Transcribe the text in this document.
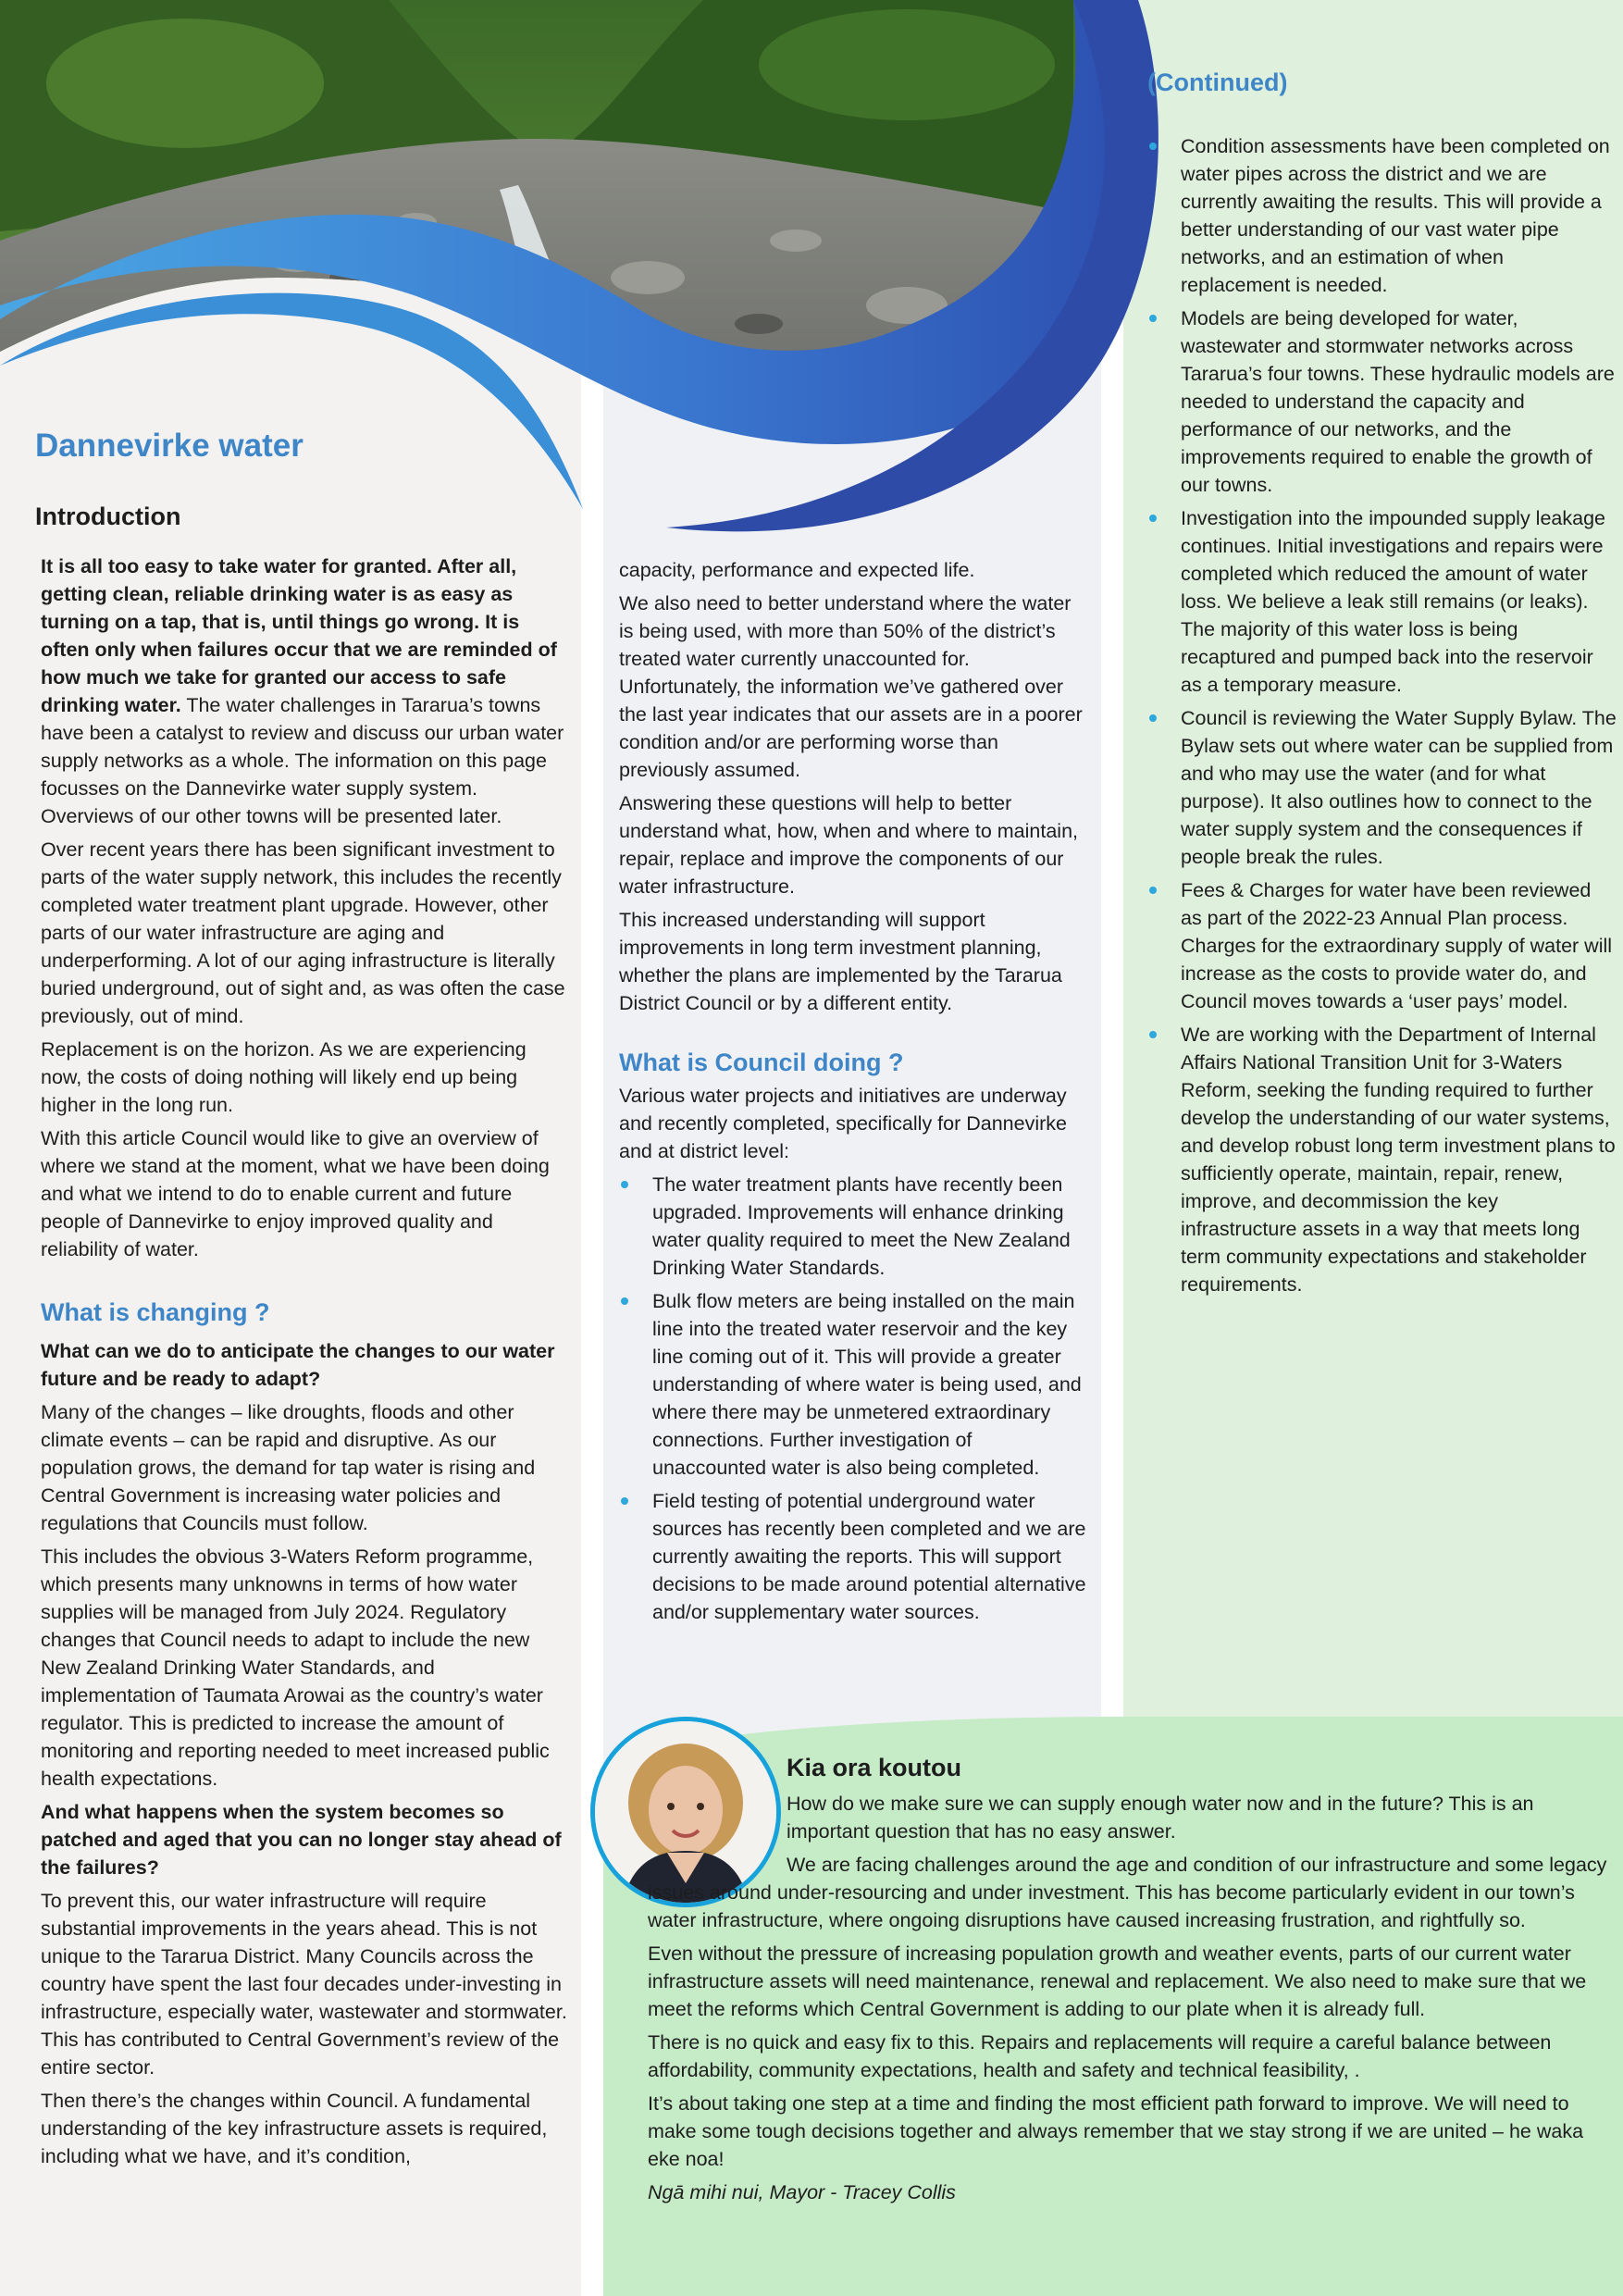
Dannevirke water
Introduction

It is all too easy to take water for granted. After all, getting clean, reliable drinking water is as easy as turning on a tap, that is, until things go wrong. It is often only when failures occur that we are reminded of how much we take for granted our access to safe drinking water. The water challenges in Tararua’s towns have been a catalyst to review and discuss our urban water supply networks as a whole. The information on this page focusses on the Dannevirke water supply system. Overviews of our other towns will be presented later.

Over recent years there has been significant investment to parts of the water supply network, this includes the recently completed water treatment plant upgrade. However, other parts of our water infrastructure are aging and underperforming. A lot of our aging infrastructure is literally buried underground, out of sight and, as was often the case previously, out of mind.

Replacement is on the horizon. As we are experiencing now, the costs of doing nothing will likely end up being higher in the long run.

With this article Council would like to give an overview of where we stand at the moment, what we have been doing and what we intend to do to enable current and future people of Dannevirke to enjoy improved quality and reliability of water.

What is changing ?

What can we do to anticipate the changes to our water future and be ready to adapt?

Many of the changes – like droughts, floods and other climate events – can be rapid and disruptive. As our population grows, the demand for tap water is rising and Central Government is increasing water policies and regulations that Councils must follow.

This includes the obvious 3-Waters Reform programme, which presents many unknowns in terms of how water supplies will be managed from July 2024. Regulatory changes that Council needs to adapt to include the new New Zealand Drinking Water Standards, and implementation of Taumata Arowai as the country’s water regulator. This is predicted to increase the amount of monitoring and reporting needed to meet increased public health expectations.

And what happens when the system becomes so patched and aged that you can no longer stay ahead of the failures?

To prevent this, our water infrastructure will require substantial improvements in the years ahead. This is not unique to the Tararua District. Many Councils across the country have spent the last four decades under-investing in infrastructure, especially water, wastewater and stormwater. This has contributed to Central Government’s review of the entire sector.

Then there’s the changes within Council. A fundamental understanding of the key infrastructure assets is required, including what we have, and it’s condition,

capacity, performance and expected life.

We also need to better understand where the water is being used, with more than 50% of the district’s treated water currently unaccounted for. Unfortunately, the information we’ve gathered over the last year indicates that our assets are in a poorer condition and/or are performing worse than previously assumed.

Answering these questions will help to better understand what, how, when and where to maintain, repair, replace and improve the components of our water infrastructure.

This increased understanding will support improvements in long term investment planning, whether the plans are implemented by the Tararua District Council or by a different entity.

What is Council doing ?

Various water projects and initiatives are underway and recently completed, specifically for Dannevirke and at district level:

The water treatment plants have recently been upgraded. Improvements will enhance drinking water quality required to meet the New Zealand Drinking Water Standards.
Bulk flow meters are being installed on the main line into the treated water reservoir and the key line coming out of it. This will provide a greater understanding of where water is being used, and where there may be unmetered extraordinary connections. Further investigation of unaccounted water is also being completed.
Field testing of potential underground water sources has recently been completed and we are currently awaiting the reports. This will support decisions to be made around potential alternative and/or supplementary water sources.
(Continued)
Condition assessments have been completed on water pipes across the district and we are currently awaiting the results. This will provide a better understanding of our vast water pipe networks, and an estimation of when replacement is needed.
Models are being developed for water, wastewater and stormwater networks across Tararua’s four towns. These hydraulic models are needed to understand the capacity and performance of our networks, and the improvements required to enable the growth of our towns.
Investigation into the impounded supply leakage continues. Initial investigations and repairs were completed which reduced the amount of water loss. We believe a leak still remains (or leaks). The majority of this water loss is being recaptured and pumped back into the reservoir as a temporary measure.
Council is reviewing the Water Supply Bylaw. The Bylaw sets out where water can be supplied from and who may use the water (and for what purpose). It also outlines how to connect to the water supply system and the consequences if people break the rules.
Fees & Charges for water have been reviewed as part of the 2022-23 Annual Plan process. Charges for the extraordinary supply of water will increase as the costs to provide water do, and Council moves towards a ‘user pays’ model.
We are working with the Department of Internal Affairs National Transition Unit for 3-Waters Reform, seeking the funding required to further develop the understanding of our water systems, and develop robust long term investment plans to sufficiently operate, maintain, repair, renew, improve, and decommission the key infrastructure assets in a way that meets long term community expectations and stakeholder requirements.
Kia ora koutou

How do we make sure we can supply enough water now and in the future? This is an important question that has no easy answer.

We are facing challenges around the age and condition of our infrastructure and some legacy issues around under-resourcing and under investment. This has become particularly evident in our town’s water infrastructure, where ongoing disruptions have caused increasing frustration, and rightfully so.

Even without the pressure of increasing population growth and weather events, parts of our current water infrastructure assets will need maintenance, renewal and replacement. We also need to make sure that we meet the reforms which Central Government is adding to our plate when it is already full.

There is no quick and easy fix to this. Repairs and replacements will require a careful balance between affordability, community expectations, health and safety and technical feasibility, .

It’s about taking one step at a time and finding the most efficient path forward to improve. We will need to make some tough decisions together and always remember that we stay strong if we are united – he waka eke noa!

Ngā mihi nui, Mayor - Tracey Collis
